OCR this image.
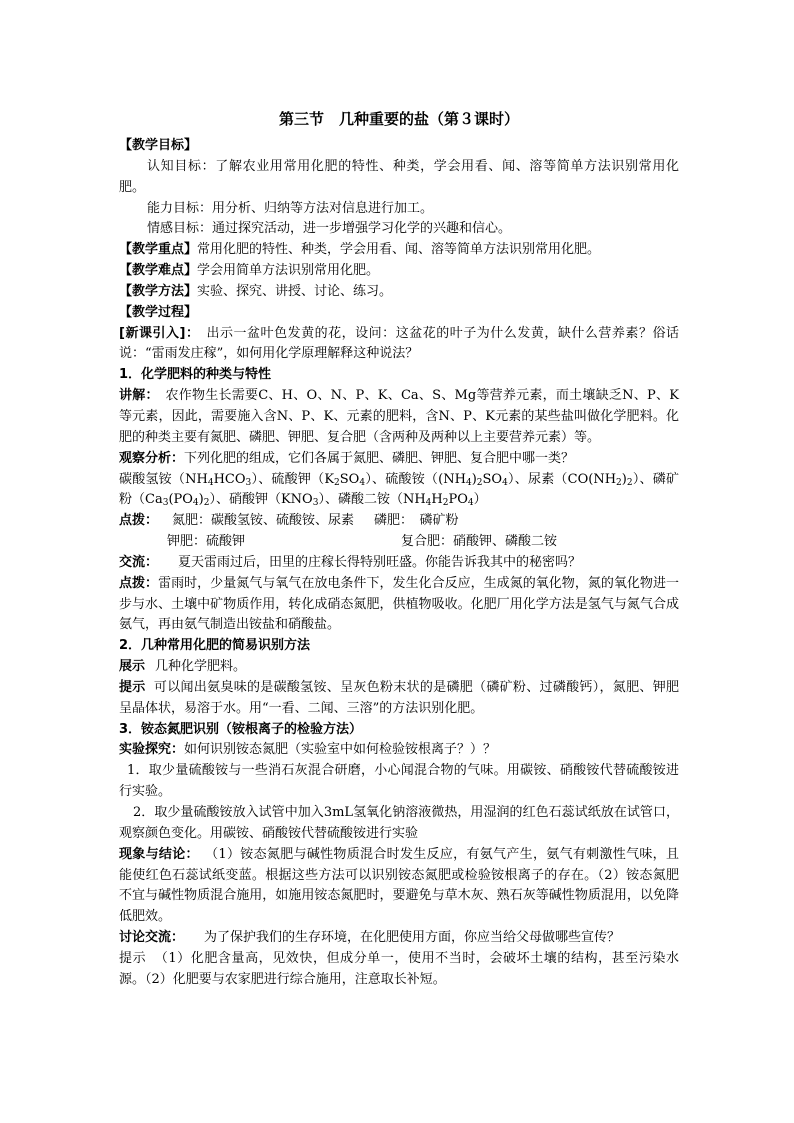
第三节　几种重要的盐（第３课时）

【教学目标】

认知目标：了解农业用常用化肥的特性、种类，学会用看、闻、溶等简单方法识别常用化肥。

能力目标：用分析、归纳等方法对信息进行加工。

情感目标：通过探究活动，进一步增强学习化学的兴趣和信心。

【教学重点】常用化肥的特性、种类，学会用看、闻、溶等简单方法识别常用化肥。

【教学难点】学会用简单方法识别常用化肥。

【教学方法】实验、探究、讲授、讨论、练习。

【教学过程】

[新课引入]：　出示一盆叶色发黄的花，设问：这盆花的叶子为什么发黄，缺什么营养素？俗话说：“雷雨发庄稼”，如何用化学原理解释这种说法？

1．化学肥料的种类与特性

讲解：　农作物生长需要C、H、O、N、P、K、Ca、S、Mg等营养元素，而土壤缺乏N、P、K等元素，因此，需要施入含N、P、K、元素的肥料，含N、P、K元素的某些盐叫做化学肥料。化肥的种类主要有氮肥、磷肥、钾肥、复合肥（含两种及两种以上主要营养元素）等。

观察分析：下列化肥的组成，它们各属于氮肥、磷肥、钾肥、复合肥中哪一类？

碳酸氢铵$(NH_4HCO_3)$、硫酸钾$(K_2SO_4)$、硫酸铵$((NH_4)_2SO_4)$、尿素$(CO(NH_2)_2)$、磷矿粉$(Ca_3(PO_4)_2)$、硝酸钾$(KNO_3)$、磷酸二铵$(NH_4H_2PO_4)$

点拨： 氮肥：碳酸氢铵、硫酸铵、尿素 磷肥：　磷矿粉

钾肥：硫酸钾	复合肥：硝酸钾、磷酸二铵

交流： 夏天雷雨过后，田里的庄稼长得特别旺盛。你能告诉我其中的秘密吗？

点拨：雷雨时，少量氮气与氧气在放电条件下，发生化合反应，生成氮的氧化物，氮的氧化物进一步与水、土壤中矿物质作用，转化成硝态氮肥，供植物吸收。化肥厂用化学方法是氢气与氮气合成氨气，再由氨气制造出铵盐和硝酸盐。

2．几种常用化肥的简易识别方法

展示 几种化学肥料。

提示 可以闻出氨臭味的是碳酸氢铵、呈灰色粉末状的是磷肥（磷矿粉、过磷酸钙），氮肥、钾肥呈晶体状，易溶于水。用“一看、二闻、三溶”的方法识别化肥。

3．铵态氮肥识别（铵根离子的检验方法）

实验探究：如何识别铵态氮肥（实验室中如何检验铵根离子？）？

1．取少量硫酸铵与一些消石灰混合研磨，小心闻混合物的气味。用碳铵、硝酸铵代替硫酸铵进行实验。

2．取少量硫酸铵放入试管中加入3mL氢氧化钠溶液微热，用湿润的红色石蕊试纸放在试管口，观察颜色变化。用碳铵、硝酸铵代替硫酸铵进行实验

现象与结论： （1）铵态氮肥与碱性物质混合时发生反应，有氨气产生，氨气有刺激性气味，且能使红色石蕊试纸变蓝。根据这些方法可以识别铵态氮肥或检验铵根离子的存在。（2）铵态氮肥不宜与碱性物质混合施用，如施用铵态氮肥时，要避免与草木灰、熟石灰等碱性物质混用，以免降低肥效。

讨论交流： 为了保护我们的生存环境，在化肥使用方面，你应当给父母做哪些宣传？

提示 （1）化肥含量高，见效快，但成分单一，使用不当时，会破坏土壤的结构，甚至污染水源。（2）化肥要与农家肥进行综合施用，注意取长补短。
